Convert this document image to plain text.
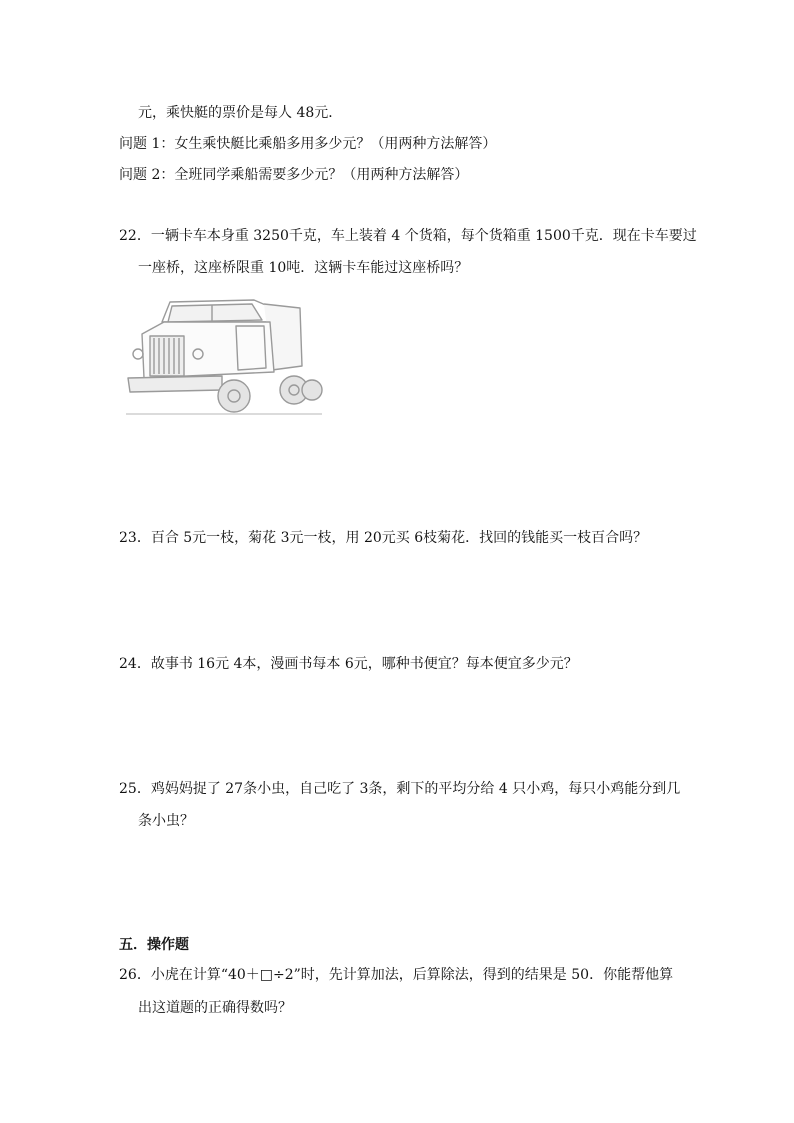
元，乘快艇的票价是每人 48元．
问题 1：女生乘快艇比乘船多用多少元？（用两种方法解答）
问题 2：全班同学乘船需要多少元？（用两种方法解答）
22．一辆卡车本身重 3250千克，车上装着 4 个货箱，每个货箱重 1500千克．现在卡车要过
一座桥，这座桥限重 10吨．这辆卡车能过这座桥吗？
23．百合 5元一枝，菊花 3元一枝，用 20元买 6枝菊花．找回的钱能买一枝百合吗？
24．故事书 16元 4本，漫画书每本 6元，哪种书便宜？每本便宜多少元？
25．鸡妈妈捉了 27条小虫，自己吃了 3条，剩下的平均分给 4 只小鸡，每只小鸡能分到几
条小虫？
五．操作题
26．小虎在计算“40＋□÷2”时，先计算加法，后算除法，得到的结果是 50．你能帮他算
出这道题的正确得数吗？
